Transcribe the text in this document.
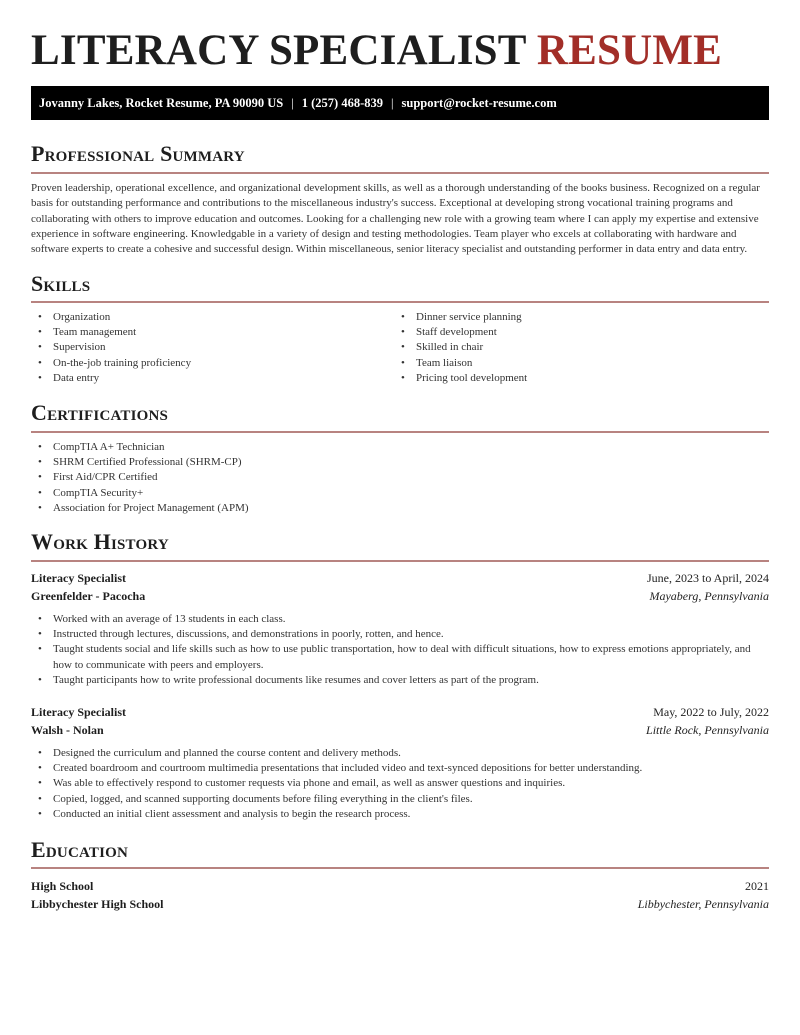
LITERACY SPECIALIST RESUME
Jovanny Lakes, Rocket Resume, PA 90090 US | 1 (257) 468-839 | support@rocket-resume.com
Professional Summary

Proven leadership, operational excellence, and organizational development skills, as well as a thorough understanding of the books business. Recognized on a regular basis for outstanding performance and contributions to the miscellaneous industry's success. Exceptional at developing strong vocational training programs and collaborating with others to improve education and outcomes. Looking for a challenging new role with a growing team where I can apply my expertise and extensive experience in software engineering. Knowledgable in a variety of design and testing methodologies. Team player who excels at collaborating with hardware and software experts to create a cohesive and successful design. Within miscellaneous, senior literacy specialist and outstanding performer in data entry and data entry.

Skills
• Organization
• Team management
• Supervision
• On-the-job training proficiency
• Data entry
• Dinner service planning
• Staff development
• Skilled in chair
• Team liaison
• Pricing tool development
Certifications
• CompTIA A+ Technician
• SHRM Certified Professional (SHRM-CP)
• First Aid/CPR Certified
• CompTIA Security+
• Association for Project Management (APM)
Work History
Literacy Specialist	June, 2023 to April, 2024
Greenfelder - Pacocha	Mayaberg, Pennsylvania
• Worked with an average of 13 students in each class.
• Instructed through lectures, discussions, and demonstrations in poorly, rotten, and hence.
• Taught students social and life skills such as how to use public transportation, how to deal with difficult situations, how to express emotions appropriately, and how to communicate with peers and employers.
• Taught participants how to write professional documents like resumes and cover letters as part of the program.
Literacy Specialist	May, 2022 to July, 2022
Walsh - Nolan	Little Rock, Pennsylvania
• Designed the curriculum and planned the course content and delivery methods.
• Created boardroom and courtroom multimedia presentations that included video and text-synced depositions for better understanding.
• Was able to effectively respond to customer requests via phone and email, as well as answer questions and inquiries.
• Copied, logged, and scanned supporting documents before filing everything in the client's files.
• Conducted an initial client assessment and analysis to begin the research process.
Education
High School	2021
Libbychester High School	Libbychester, Pennsylvania
